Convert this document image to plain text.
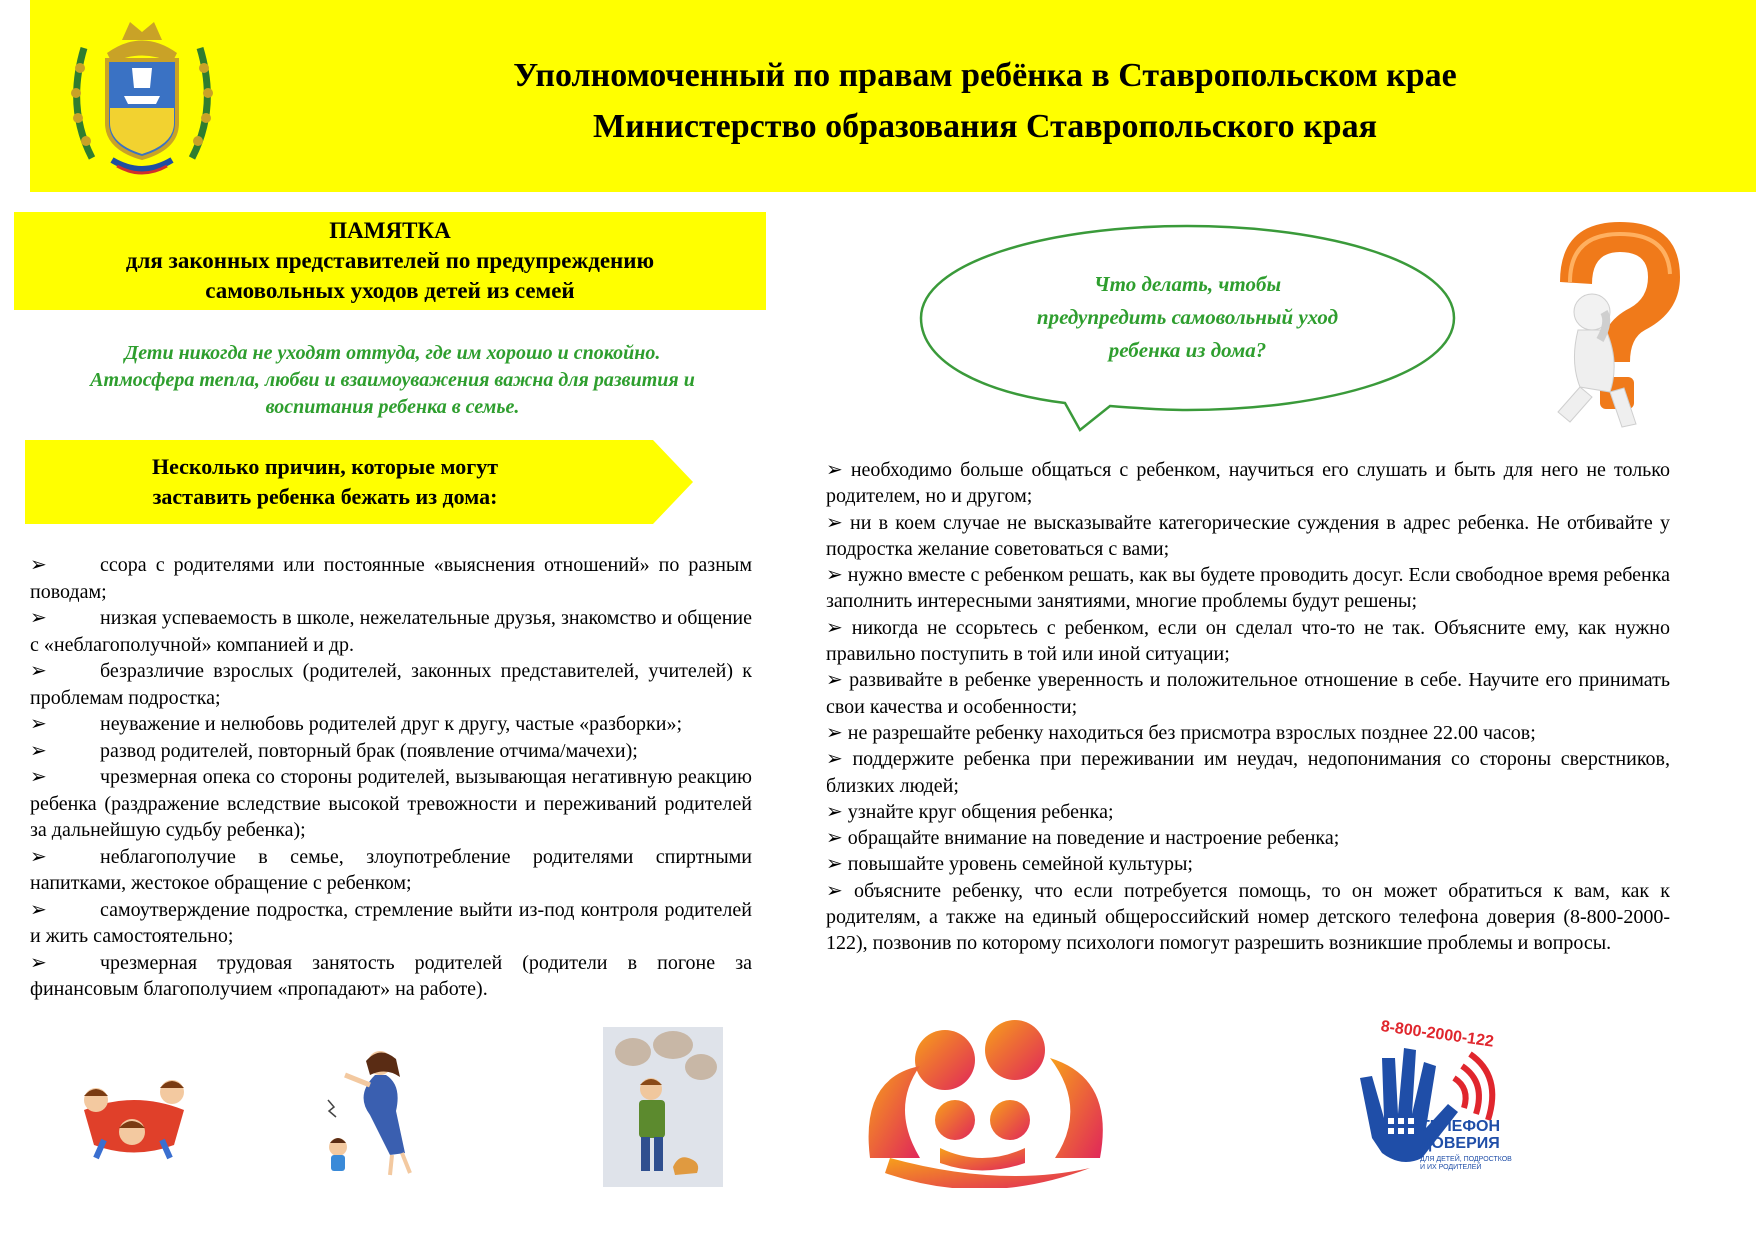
Уполномоченный по правам ребёнка в Ставропольском крае
Министерство образования Ставропольского края
ПАМЯТКА
для законных представителей по предупреждению
самовольных уходов детей из семей
Дети никогда не уходят оттуда, где им хорошо и спокойно.
Атмосфера тепла, любви и взаимоуважения важна для развития и
воспитания ребенка в семье.
Несколько причин, которые могут
заставить ребенка бежать из дома:
➢	ссора с родителями или постоянные «выяснения отношений» по разным поводам;
➢	низкая успеваемость в школе, нежелательные друзья, знакомство и общение с «неблагополучной» компанией и др.
➢	безразличие взрослых (родителей, законных представителей, учителей) к проблемам подростка;
➢	неуважение и нелюбовь родителей друг к другу, частые «разборки»;
➢	развод родителей, повторный брак (появление отчима/мачехи);
➢	чрезмерная опека со стороны родителей, вызывающая негативную реакцию ребенка (раздражение вследствие высокой тревожности и переживаний родителей за дальнейшую судьбу ребенка);
➢	неблагополучие в семье, злоупотребление родителями спиртными напитками, жестокое обращение с ребенком;
➢	самоутверждение подростка, стремление выйти из-под контроля родителей и жить самостоятельно;
➢	чрезмерная трудовая занятость родителей (родители в погоне за финансовым благополучием «пропадают» на работе).
Что делать, чтобы
предупредить самовольный уход
ребенка из дома?
➢ необходимо больше общаться с ребенком, научиться его слушать и быть для него не только родителем, но и другом;
➢ ни в коем случае не высказывайте категорические суждения в адрес ребенка. Не отбивайте у подростка желание советоваться с вами;
➢ нужно вместе с ребенком решать, как вы будете проводить досуг. Если свободное время ребенка заполнить интересными занятиями, многие проблемы будут решены;
➢ никогда не ссорьтесь с ребенком, если он сделал что-то не так. Объясните ему, как нужно правильно поступить в той или иной ситуации;
➢ развивайте в ребенке уверенность и положительное отношение в себе. Научите его принимать свои качества и особенности;
➢ не разрешайте ребенку находиться без присмотра взрослых позднее 22.00 часов;
➢ поддержите ребенка при переживании им неудач, недопонимания со стороны сверстников, близких людей;
➢ узнайте круг общения ребенка;
➢ обращайте внимание на поведение и настроение ребенка;
➢ повышайте уровень семейной культуры;
➢ объясните ребенку, что если потребуется помощь, то он может обратиться к вам, как к родителям, а также на единый общероссийский номер детского телефона доверия (8-800-2000-122), позвонив по которому психологи помогут разрешить возникшие проблемы и вопросы.
8-800-2000-122
ТЕЛЕФОН
ДОВЕРИЯ
ДЛЯ ДЕТЕЙ, ПОДРОСТКОВ
И ИХ РОДИТЕЛЕЙ
